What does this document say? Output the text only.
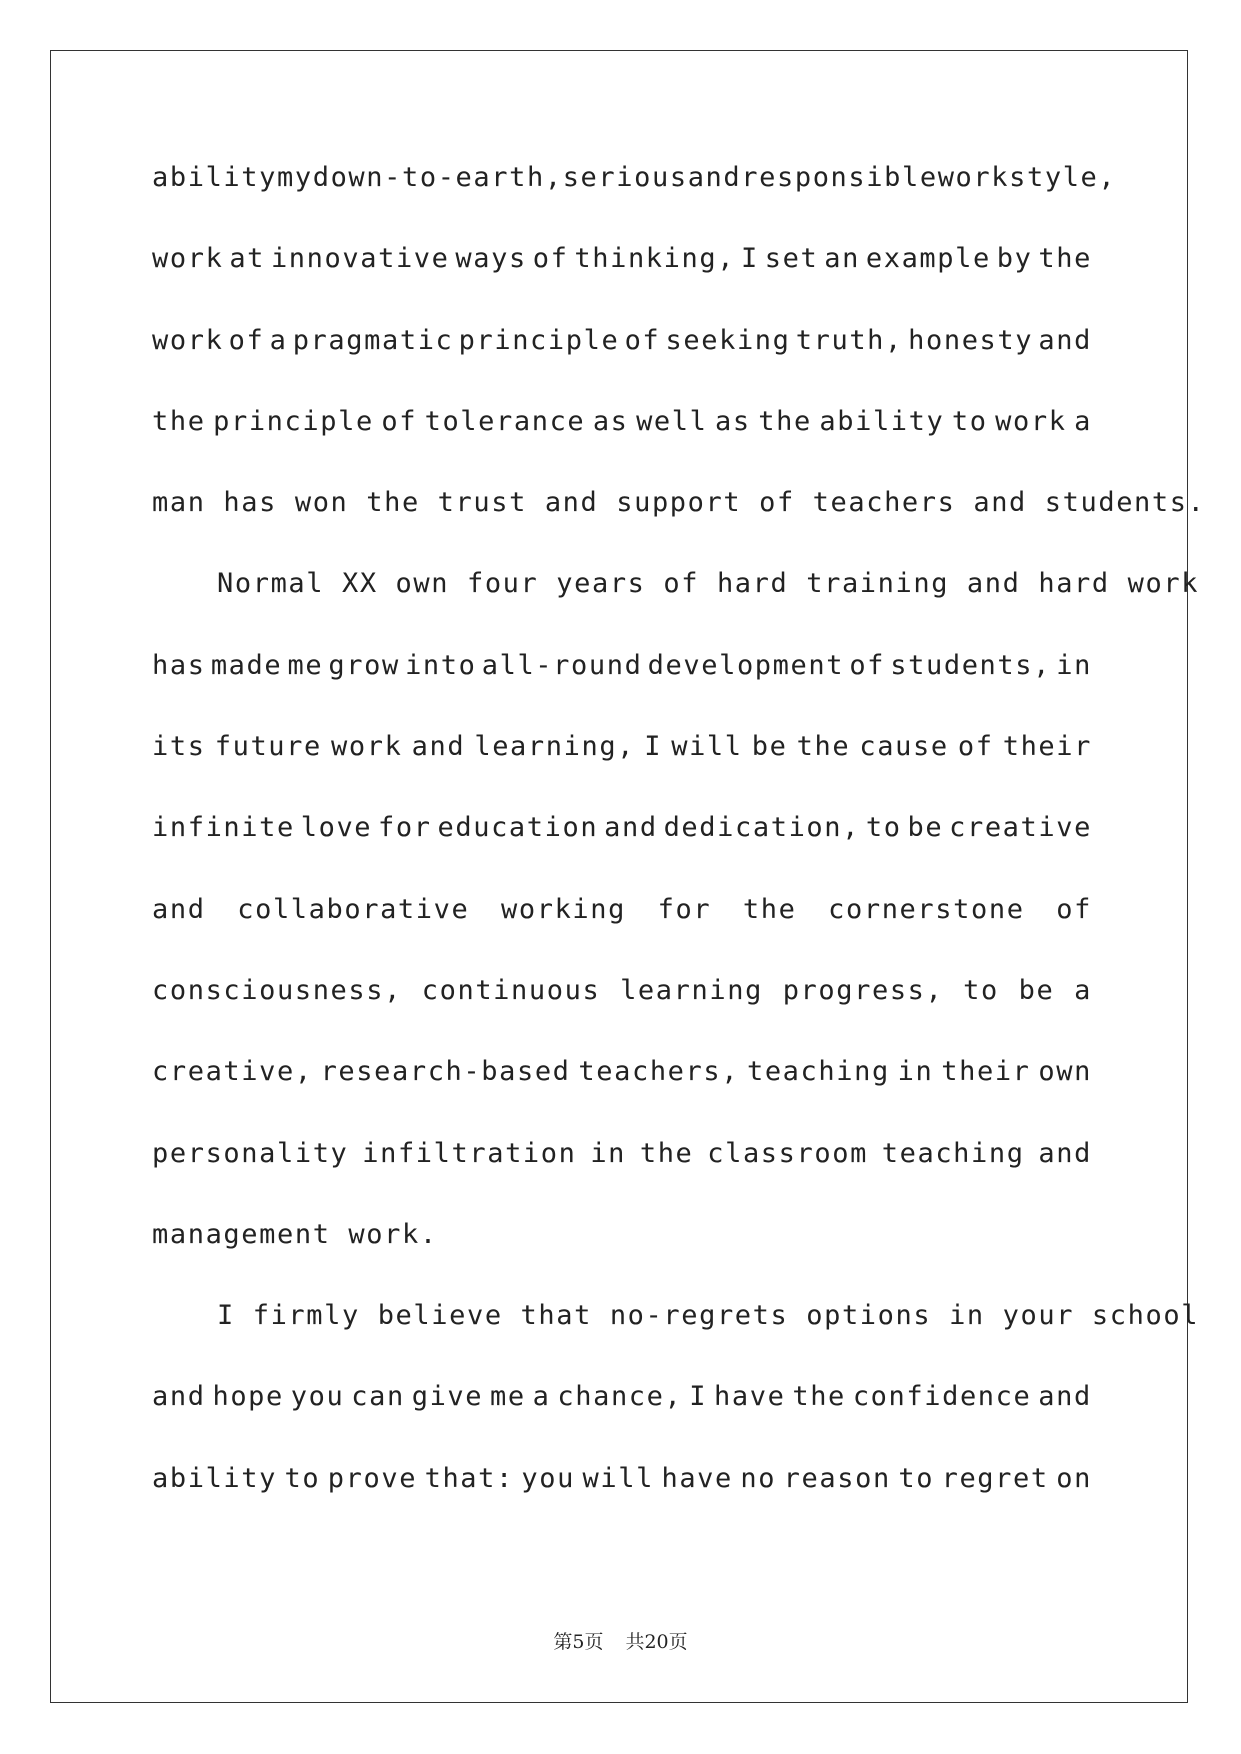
ability my down-to-earth, serious and responsible work style,
work at innovative ways of thinking, I set an example by the
work of a pragmatic principle of seeking truth, honesty and
the principle of tolerance as well as the ability to work a
man has won the trust and support of teachers and students.
Normal XX own four years of hard training and hard work
has made me grow into all-round development of students, in
its future work and learning, I will be the cause of their
infinite love for education and dedication, to be creative
and collaborative working for the cornerstone of
consciousness, continuous learning progress, to be a
creative, research-based teachers, teaching in their own
personality infiltration in the classroom teaching and
management work.
I firmly believe that no-regrets options in your school
and hope you can give me a chance, I have the confidence and
ability to prove that: you will have no reason to regret on
第5页 共20页
